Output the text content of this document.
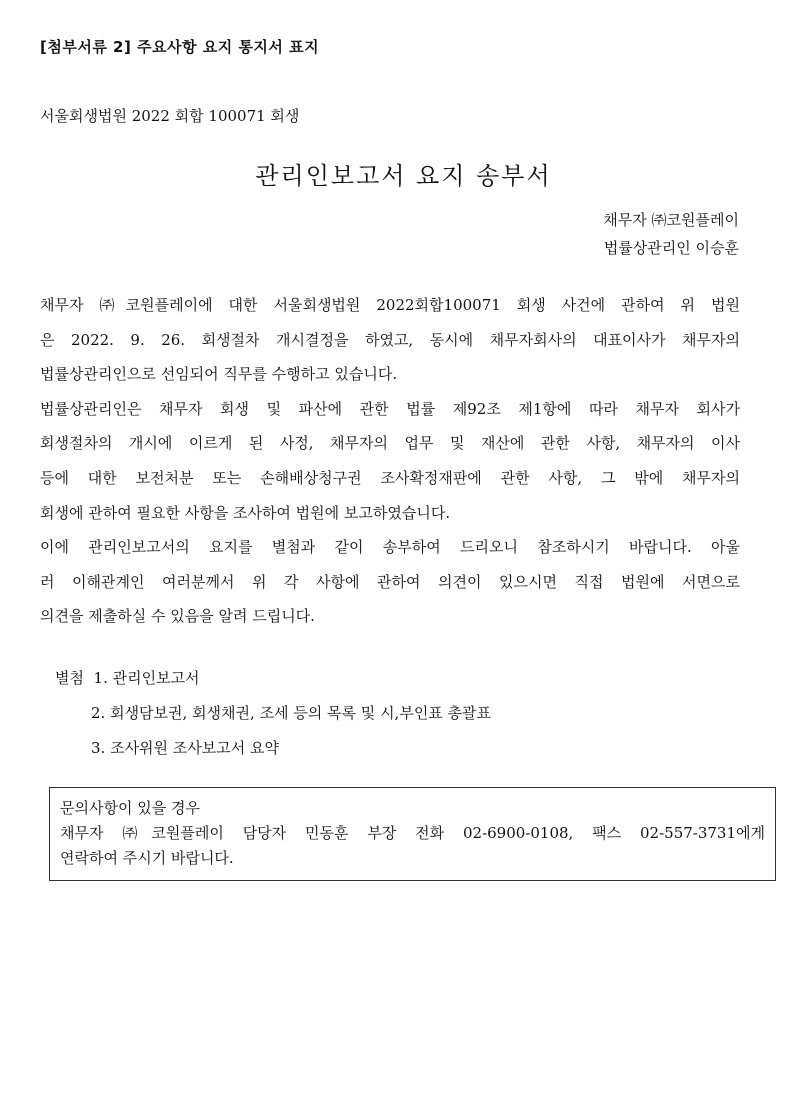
[첨부서류 2] 주요사항 요지 통지서 표지
서울회생법원 2022 회합 100071 회생
관리인보고서 요지 송부서
채무자 ㈜코원플레이
법률상관리인 이승훈
채무자 ㈜코원플레이에 대한 서울회생법원 2022회합100071 회생 사건에 관하여 위 법원
은 2022. 9. 26. 회생절차 개시결정을 하였고, 동시에 채무자회사의 대표이사가 채무자의
법률상관리인으로 선임되어 직무를 수행하고 있습니다.
법률상관리인은 채무자 회생 및 파산에 관한 법률 제92조 제1항에 따라 채무자 회사가
회생절차의 개시에 이르게 된 사정, 채무자의 업무 및 재산에 관한 사항, 채무자의 이사
등에 대한 보전처분 또는 손해배상청구권 조사확정재판에 관한 사항, 그 밖에 채무자의
회생에 관하여 필요한 사항을 조사하여 법원에 보고하였습니다.
이에 관리인보고서의 요지를 별첨과 같이 송부하여 드리오니 참조하시기 바랍니다. 아울
러 이해관계인 여러분께서 위 각 사항에 관하여 의견이 있으시면 직접 법원에 서면으로
의견을 제출하실 수 있음을 알려 드립니다.
별첨 1. 관리인보고서
2. 회생담보권, 회생채권, 조세 등의 목록 및 시,부인표 총괄표
3. 조사위원 조사보고서 요약
문의사항이 있을 경우
채무자 ㈜코원플레이 담당자 민동훈 부장 전화 02-6900-0108, 팩스 02-557-3731에게
연락하여 주시기 바랍니다.
